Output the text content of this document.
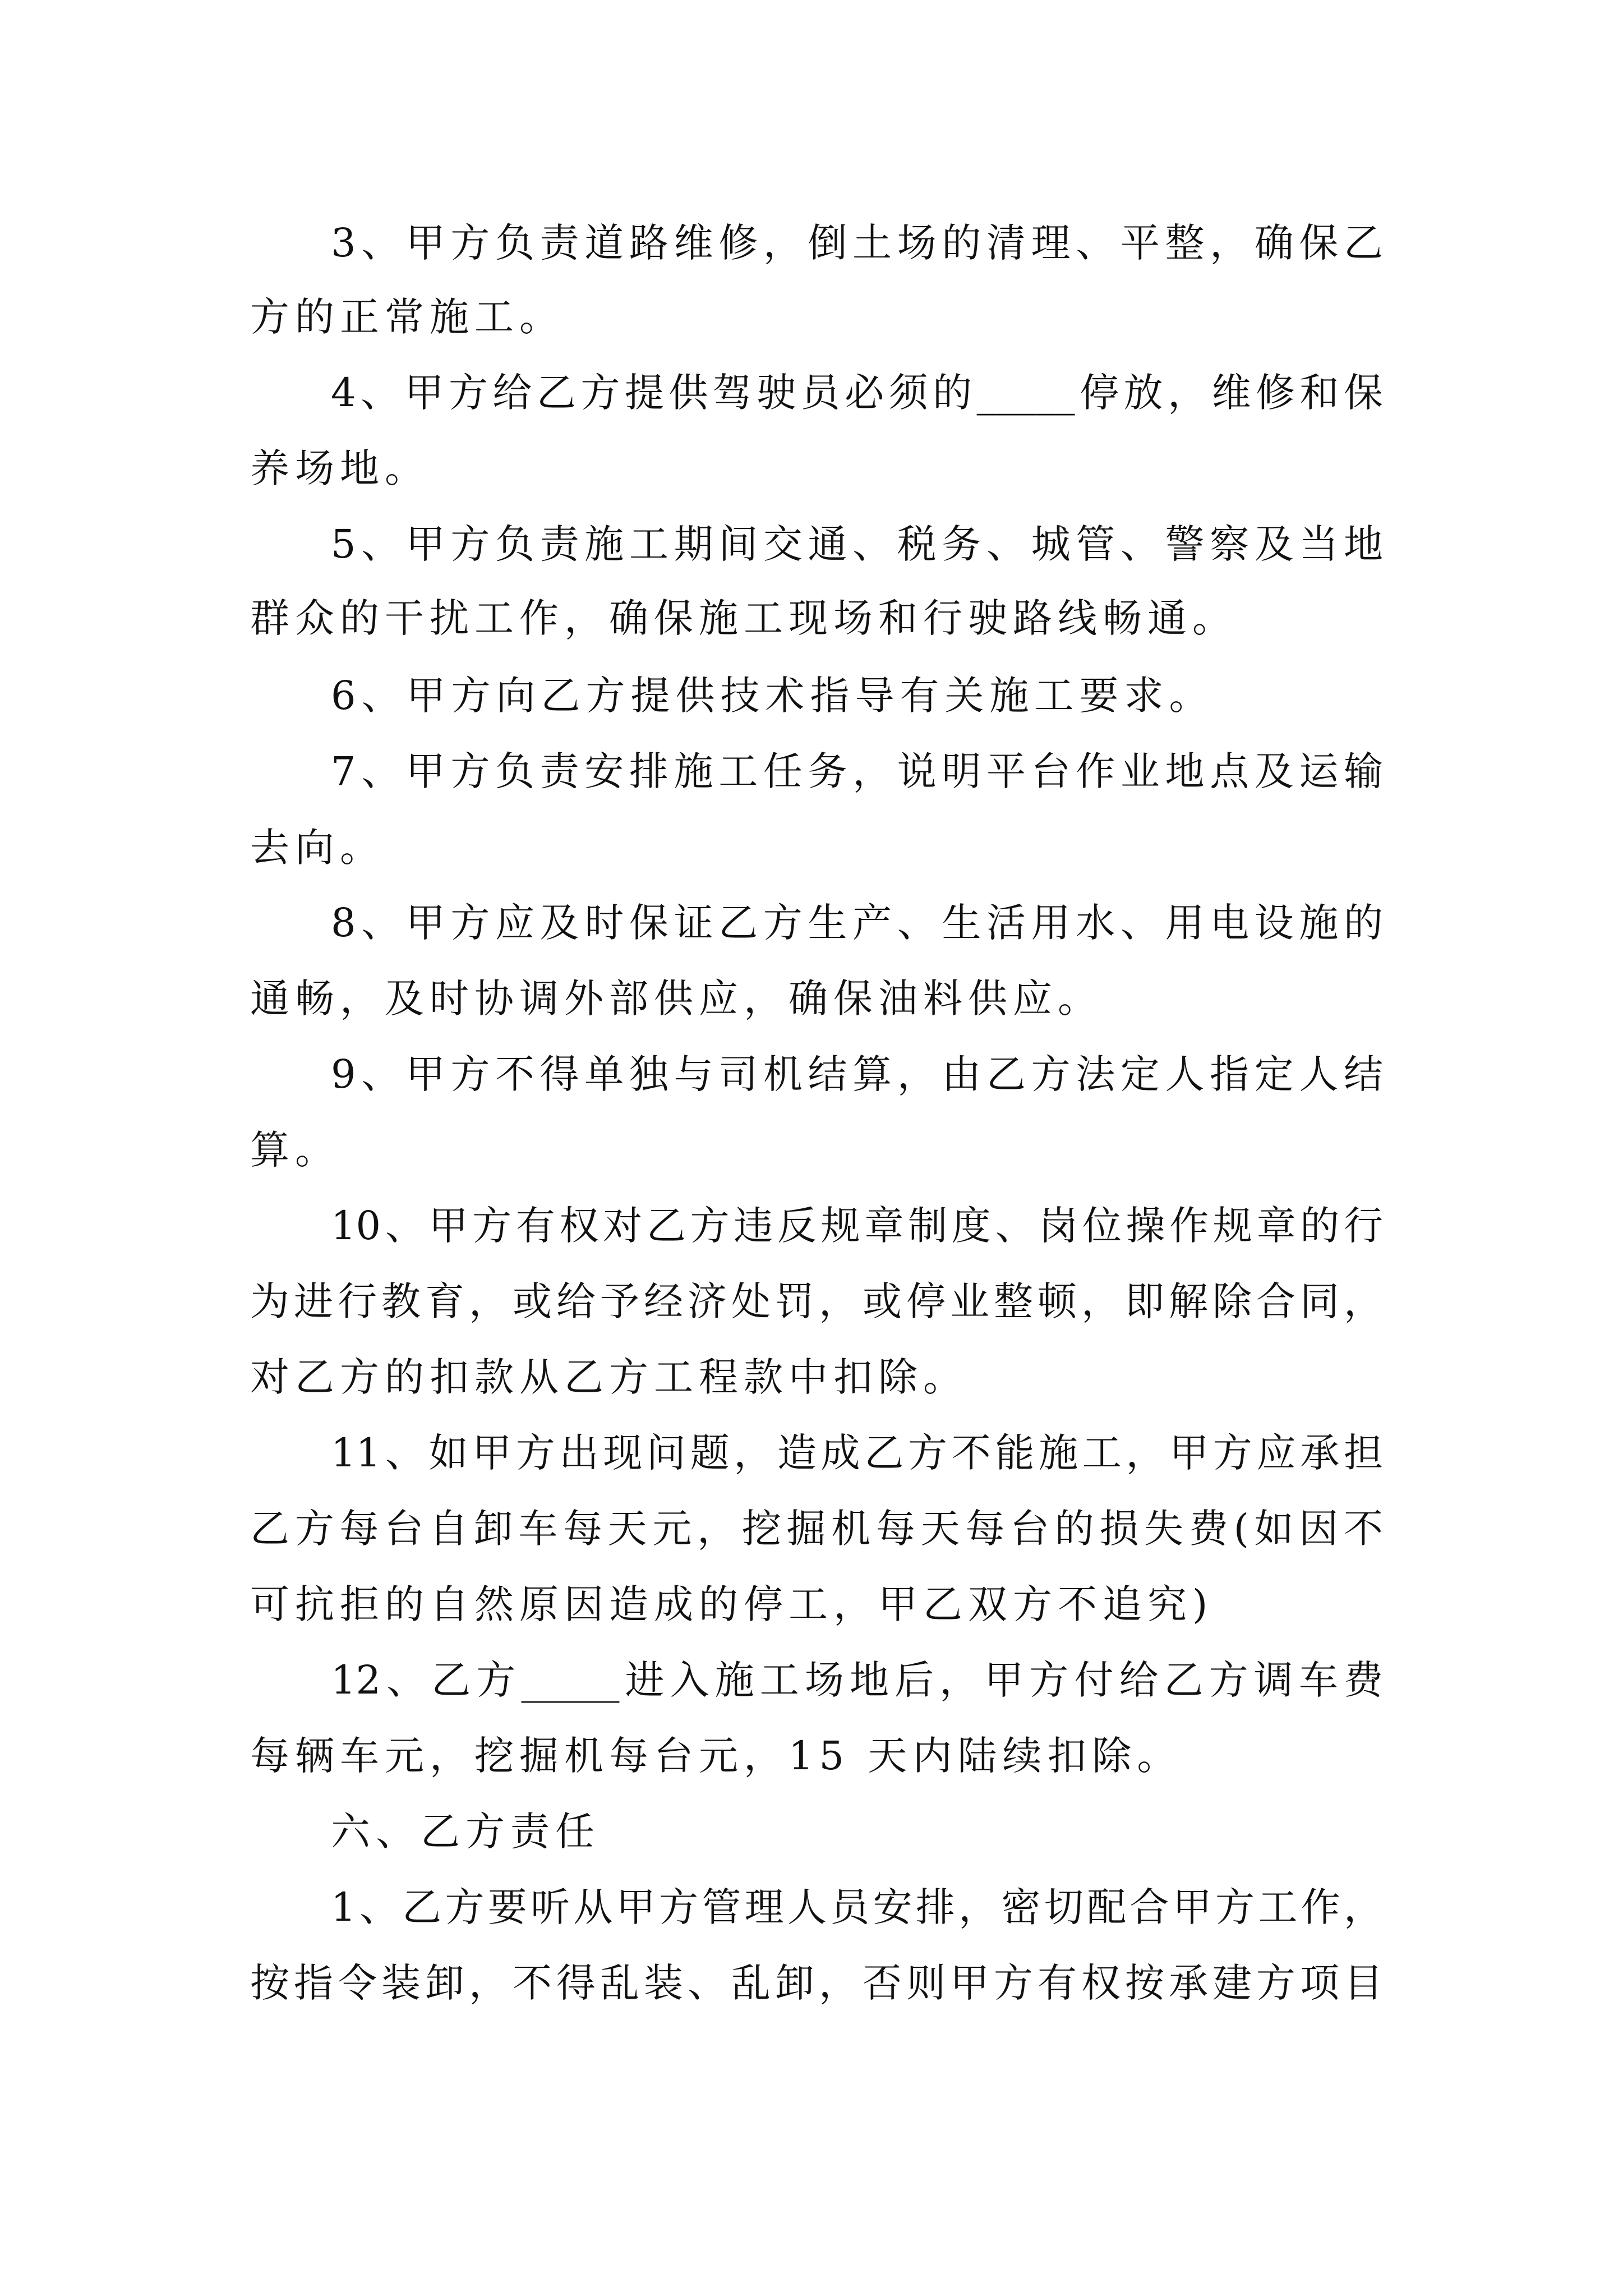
3、甲方负责道路维修，倒土场的清理、平整，确保乙
方的正常施工。
4、甲方给乙方提供驾驶员必须的_____停放，维修和保
养场地。
5、甲方负责施工期间交通、税务、城管、警察及当地
群众的干扰工作，确保施工现场和行驶路线畅通。
6、甲方向乙方提供技术指导有关施工要求。
7、甲方负责安排施工任务，说明平台作业地点及运输
去向。
8、甲方应及时保证乙方生产、生活用水、用电设施的
通畅，及时协调外部供应，确保油料供应。
9、甲方不得单独与司机结算，由乙方法定人指定人结
算。
10、甲方有权对乙方违反规章制度、岗位操作规章的行
为进行教育，或给予经济处罚，或停业整顿，即解除合同，
对乙方的扣款从乙方工程款中扣除。
11、如甲方出现问题，造成乙方不能施工，甲方应承担
乙方每台自卸车每天元，挖掘机每天每台的损失费(如因不
可抗拒的自然原因造成的停工，甲乙双方不追究)
12、乙方_____进入施工场地后，甲方付给乙方调车费
每辆车元，挖掘机每台元，15 天内陆续扣除。
六、乙方责任
1、乙方要听从甲方管理人员安排，密切配合甲方工作，
按指令装卸，不得乱装、乱卸，否则甲方有权按承建方项目
